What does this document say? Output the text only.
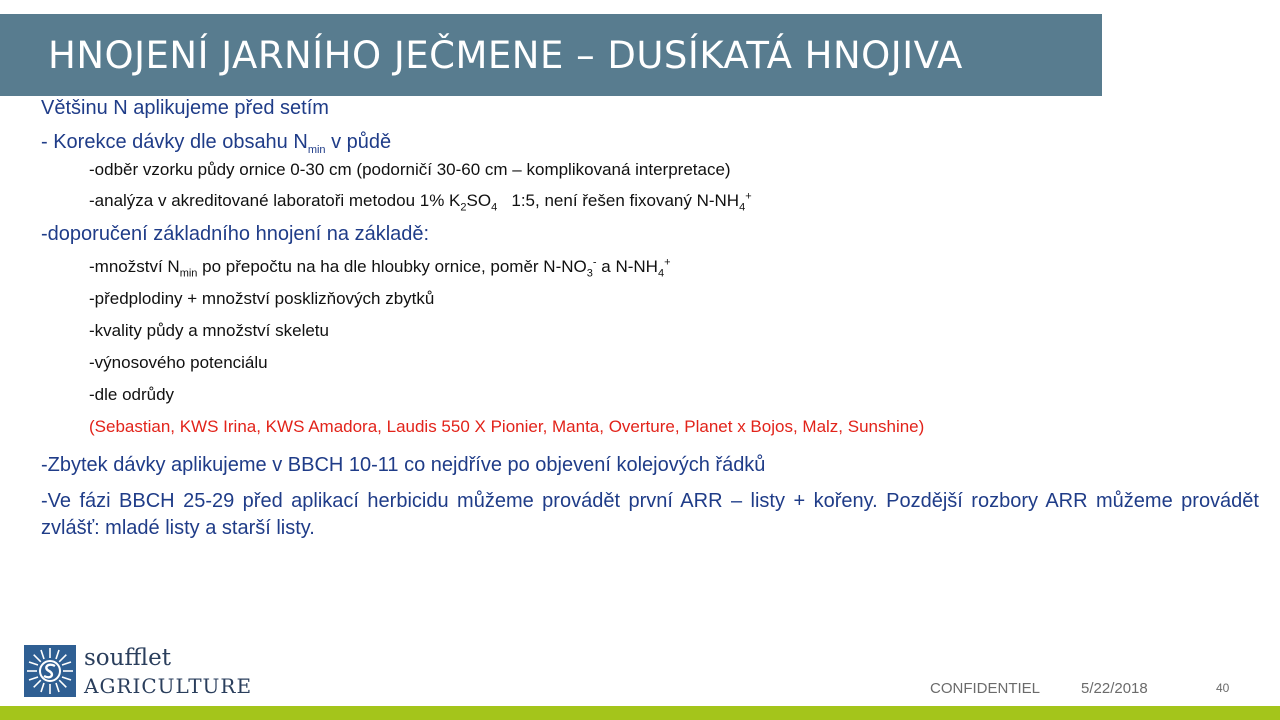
HNOJENÍ JARNÍHO JEČMENE – DUSÍKATÁ HNOJIVA

Většinu N aplikujeme před setím

- Korekce dávky dle obsahu $N_{min}$ v půdě

-odběr vzorku půdy ornice 0-30 cm (podorničí 30-60 cm – komplikovaná interpretace)

-analýza v akreditované laboratoři metodou 1% $K_2SO_4$   1:5, není řešen fixovaný $N-NH_4^+$

-doporučení základního hnojení na základě:

-množství $N_{min}$ po přepočtu na ha dle hloubky ornice, poměr $N-NO_3^-$ a $N-NH_4^+$

-předplodiny + množství posklizňových zbytků

-kvality půdy a množství skeletu

-výnosového potenciálu

-dle odrůdy

(Sebastian, KWS Irina, KWS Amadora, Laudis 550 X Pionier, Manta, Overture, Planet x Bojos, Malz, Sunshine)

-Zbytek dávky aplikujeme v BBCH 10-11 co nejdříve po objevení kolejových řádků

-Ve fázi BBCH 25-29 před aplikací herbicidu můžeme provádět první ARR – listy + kořeny. Pozdější rozbory ARR můžeme provádět zvlášť: mladé listy a starší listy.

soufflet
AGRICULTURE	CONFIDENTIEL	5/22/2018	40
